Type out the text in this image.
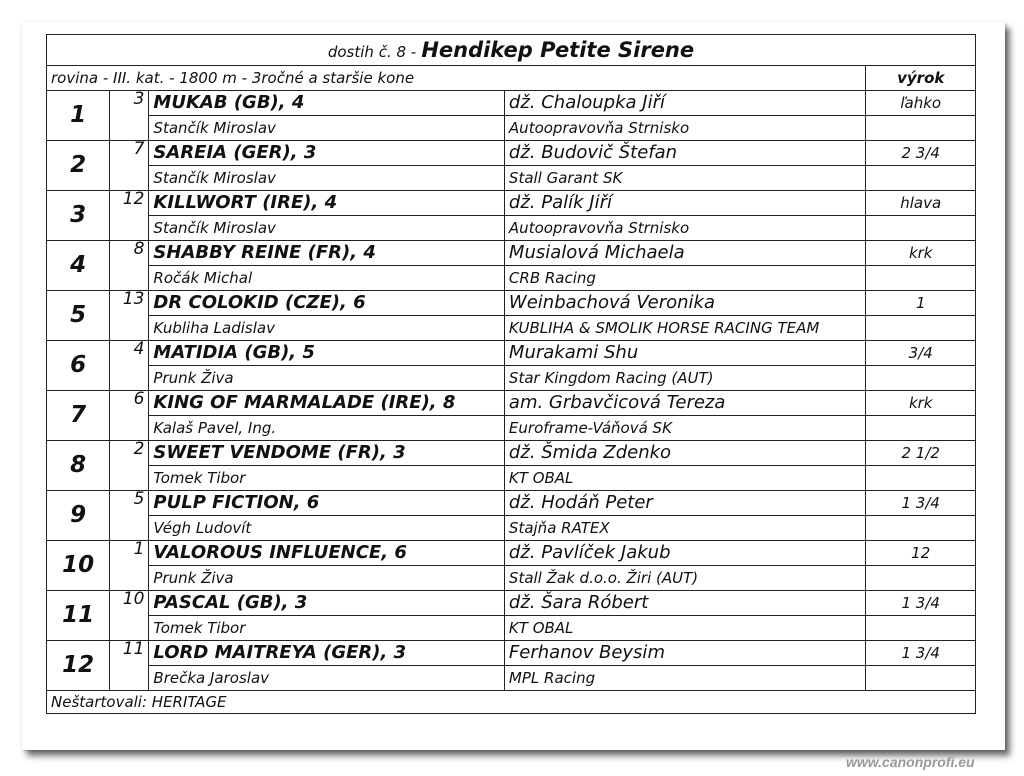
dostih č. 8 - Hendikep Petite Sirene				
rovina - III. kat. - 1800 m - 3ročné a staršie kone				výrok
1	3	MUKAB (GB), 4	dž. Chaloupka Jiří	ľahko
		Stančík Miroslav	Autoopravovňa Strnisko	
2	7	SAREIA (GER), 3	dž. Budovič Štefan	2 3/4
		Stančík Miroslav	Stall Garant SK	
3	12	KILLWORT (IRE), 4	dž. Palík Jiří	hlava
		Stančík Miroslav	Autoopravovňa Strnisko	
4	8	SHABBY REINE (FR), 4	Musialová Michaela	krk
		Ročák Michal	CRB Racing	
5	13	DR COLOKID (CZE), 6	Weinbachová Veronika	1
		Kubliha Ladislav	KUBLIHA & SMOLIK HORSE RACING TEAM	
6	4	MATIDIA (GB), 5	Murakami Shu	3/4
		Prunk Živa	Star Kingdom Racing (AUT)	
7	6	KING OF MARMALADE (IRE), 8	am. Grbavčicová Tereza	krk
		Kalaš Pavel, Ing.	Euroframe-Váňová SK	
8	2	SWEET VENDOME (FR), 3	dž. Šmida Zdenko	2 1/2
		Tomek Tibor	KT OBAL	
9	5	PULP FICTION, 6	dž. Hodáň Peter	1 3/4
		Végh Ludovít	Stajňa RATEX	
10	1	VALOROUS INFLUENCE, 6	dž. Pavlíček Jakub	12
		Prunk Živa	Stall Žak d.o.o. Žiri (AUT)	
11	10	PASCAL (GB), 3	dž. Šara Róbert	1 3/4
		Tomek Tibor	KT OBAL	
12	11	LORD MAITREYA (GER), 3	Ferhanov Beysim	1 3/4
		Brečka Jaroslav	MPL Racing	
Neštartovali: HERITAGE				
www.canonprofi.eu
